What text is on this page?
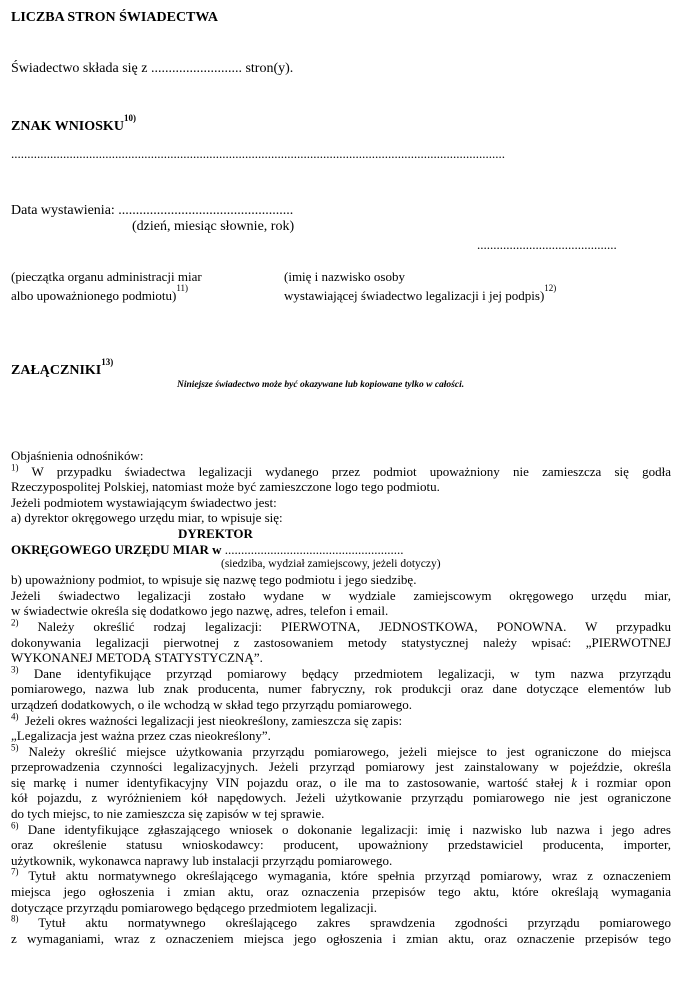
LICZBA STRON ŚWIADECTWA
Świadectwo składa się z .......................... stron(y).
ZNAK WNIOSKU$^{10)}$
........................................................................................................................................................
Data wystawienia: ..................................................
(dzień, miesiąc słownie, rok)
...........................................
(pieczątka organu administracji miar
albo upoważnionego podmiotu)$^{11)}$
(imię i nazwisko osoby
wystawiającej świadectwo legalizacji i jej podpis)$^{12)}$
ZAŁĄCZNIKI$^{13)}$
Niniejsze świadectwo może być okazywane lub kopiowane tylko w całości.

Objaśnienia odnośników:

$^{1)}$ W przypadku świadectwa legalizacji wydanego przez podmiot upoważniony nie zamieszcza się godła

Rzeczypospolitej Polskiej, natomiast może być zamieszczone logo tego podmiotu.

Jeżeli podmiotem wystawiającym świadectwo jest:

a) dyrektor okręgowego urzędu miar, to wpisuje się:

DYREKTOR

OKRĘGOWEGO URZĘDU MIAR w .......................................................

(siedziba, wydział zamiejscowy, jeżeli dotyczy)

b) upoważniony podmiot, to wpisuje się nazwę tego podmiotu i jego siedzibę.

Jeżeli świadectwo legalizacji zostało wydane w wydziale zamiejscowym okręgowego urzędu miar,

w świadectwie określa się dodatkowo jego nazwę, adres, telefon i email.

$^{2)}$ Należy określić rodzaj legalizacji: PIERWOTNA, JEDNOSTKOWA, PONOWNA. W przypadku

dokonywania legalizacji pierwotnej z zastosowaniem metody statystycznej należy wpisać: „PIERWOTNEJ

WYKONANEJ METODĄ STATYSTYCZNĄ”.

$^{3)}$ Dane identyfikujące przyrząd pomiarowy będący przedmiotem legalizacji, w tym nazwa przyrządu

pomiarowego, nazwa lub znak producenta, numer fabryczny, rok produkcji oraz dane dotyczące elementów lub

urządzeń dodatkowych, o ile wchodzą w skład tego przyrządu pomiarowego.

$^{4)}$ Jeżeli okres ważności legalizacji jest nieokreślony, zamieszcza się zapis:

„Legalizacja jest ważna przez czas nieokreślony”.

$^{5)}$ Należy określić miejsce użytkowania przyrządu pomiarowego, jeżeli miejsce to jest ograniczone do miejsca

przeprowadzenia czynności legalizacyjnych. Jeżeli przyrząd pomiarowy jest zainstalowany w pojeździe, określa

się markę i numer identyfikacyjny VIN pojazdu oraz, o ile ma to zastosowanie, wartość stałej k i rozmiar opon

kół pojazdu, z wyróżnieniem kół napędowych. Jeżeli użytkowanie przyrządu pomiarowego nie jest ograniczone

do tych miejsc, to nie zamieszcza się zapisów w tej sprawie.

$^{6)}$ Dane identyfikujące zgłaszającego wniosek o dokonanie legalizacji: imię i nazwisko lub nazwa i jego adres

oraz określenie statusu wnioskodawcy: producent, upoważniony przedstawiciel producenta, importer,

użytkownik, wykonawca naprawy lub instalacji przyrządu pomiarowego.

$^{7)}$ Tytuł aktu normatywnego określającego wymagania, które spełnia przyrząd pomiarowy, wraz z oznaczeniem

miejsca jego ogłoszenia i zmian aktu, oraz oznaczenia przepisów tego aktu, które określają wymagania

dotyczące przyrządu pomiarowego będącego przedmiotem legalizacji.

$^{8)}$ Tytuł aktu normatywnego określającego zakres sprawdzenia zgodności przyrządu pomiarowego

z wymaganiami, wraz z oznaczeniem miejsca jego ogłoszenia i zmian aktu, oraz oznaczenie przepisów tego
